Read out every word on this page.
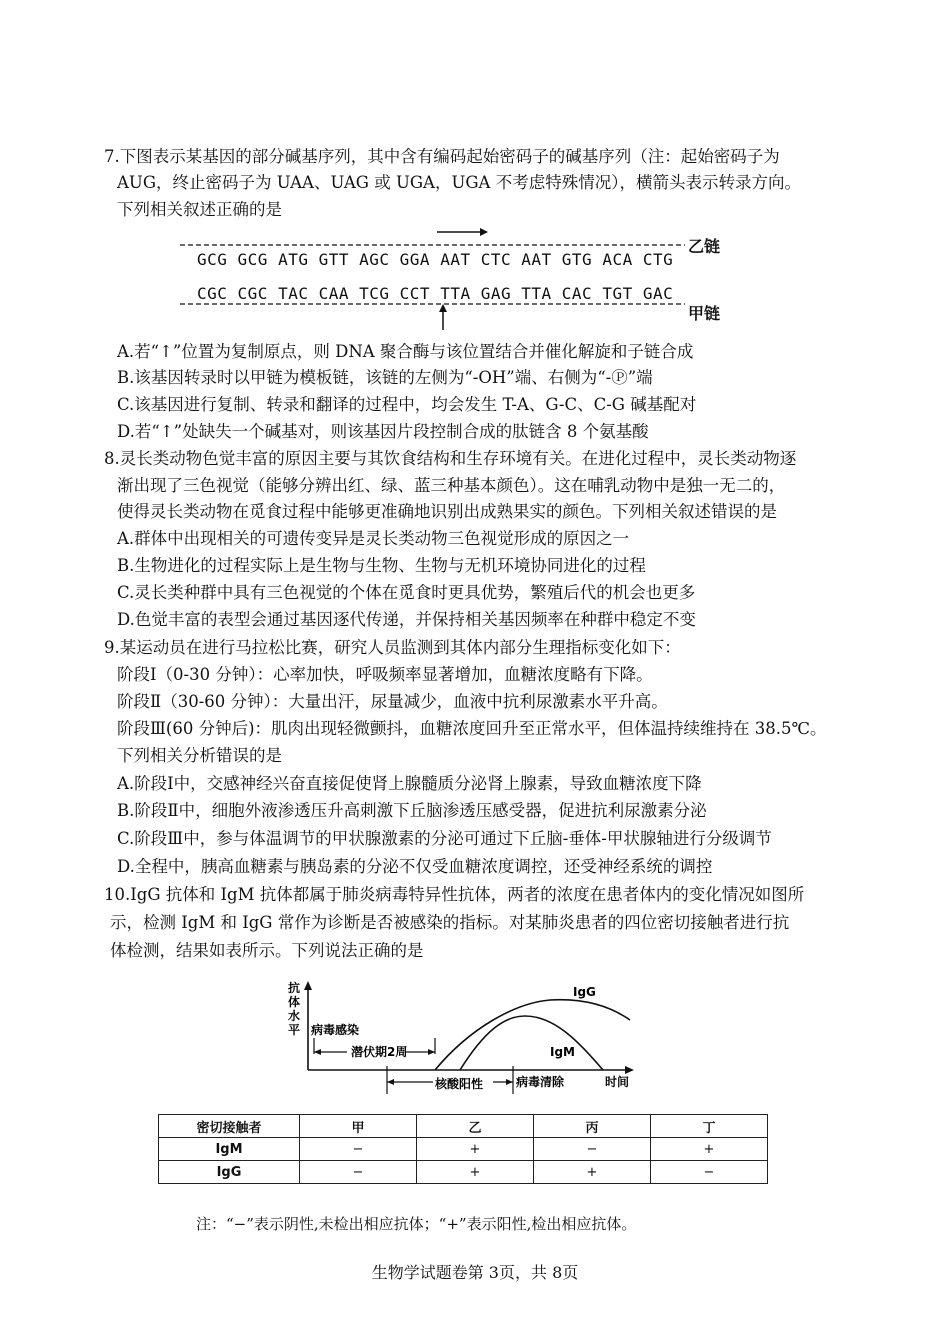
7.下图表示某基因的部分碱基序列，其中含有编码起始密码子的碱基序列（注：起始密码子为
AUG，终止密码子为 UAA、UAG 或 UGA，UGA 不考虑特殊情况），横箭头表示转录方向。
下列相关叙述正确的是
GCG GCG ATG GTT AGC GGA AAT CTC AAT GTG ACA CTG
CGC CGC TAC CAA TCG CCT TTA GAG TTA CAC TGT GAC
乙链
甲链
A.若“↑”位置为复制原点，则 DNA 聚合酶与该位置结合并催化解旋和子链合成
B.该基因转录时以甲链为模板链，该链的左侧为“-OH”端、右侧为“-Ⓟ”端
C.该基因进行复制、转录和翻译的过程中，均会发生 T-A、G-C、C-G 碱基配对
D.若“↑”处缺失一个碱基对，则该基因片段控制合成的肽链含 8 个氨基酸
8.灵长类动物色觉丰富的原因主要与其饮食结构和生存环境有关。在进化过程中，灵长类动物逐
渐出现了三色视觉（能够分辨出红、绿、蓝三种基本颜色）。这在哺乳动物中是独一无二的，
使得灵长类动物在觅食过程中能够更准确地识别出成熟果实的颜色。下列相关叙述错误的是
A.群体中出现相关的可遗传变异是灵长类动物三色视觉形成的原因之一
B.生物进化的过程实际上是生物与生物、生物与无机环境协同进化的过程
C.灵长类种群中具有三色视觉的个体在觅食时更具优势，繁殖后代的机会也更多
D.色觉丰富的表型会通过基因逐代传递，并保持相关基因频率在种群中稳定不变
9.某运动员在进行马拉松比赛，研究人员监测到其体内部分生理指标变化如下：
阶段Ⅰ（0-30 分钟）：心率加快，呼吸频率显著增加，血糖浓度略有下降。
阶段Ⅱ（30-60 分钟）：大量出汗，尿量减少，血液中抗利尿激素水平升高。
阶段Ⅲ(60 分钟后)：肌肉出现轻微颤抖，血糖浓度回升至正常水平，但体温持续维持在 38.5℃。
下列相关分析错误的是
A.阶段Ⅰ中，交感神经兴奋直接促使肾上腺髓质分泌肾上腺素，导致血糖浓度下降
B.阶段Ⅱ中，细胞外液渗透压升高刺激下丘脑渗透压感受器，促进抗利尿激素分泌
C.阶段Ⅲ中，参与体温调节的甲状腺激素的分泌可通过下丘脑-垂体-甲状腺轴进行分级调节
D.全程中，胰高血糖素与胰岛素的分泌不仅受血糖浓度调控，还受神经系统的调控
10.IgG 抗体和 IgM 抗体都属于肺炎病毒特异性抗体，两者的浓度在患者体内的变化情况如图所
示，检测 IgM 和 IgG 常作为诊断是否被感染的指标。对某肺炎患者的四位密切接触者进行抗
体检测，结果如表所示。下列说法正确的是
抗
体
水
平 病毒感染
潜伏期2周
IgG
IgM
核酸阳性	病毒清除	时间
密切接触者	甲	乙	丙	丁
IgM	−	+	−	+
IgG	−	+	+	−
注：“−”表示阴性,未检出相应抗体；“+”表示阳性,检出相应抗体。
生物学试题卷第 3页，共 8页
